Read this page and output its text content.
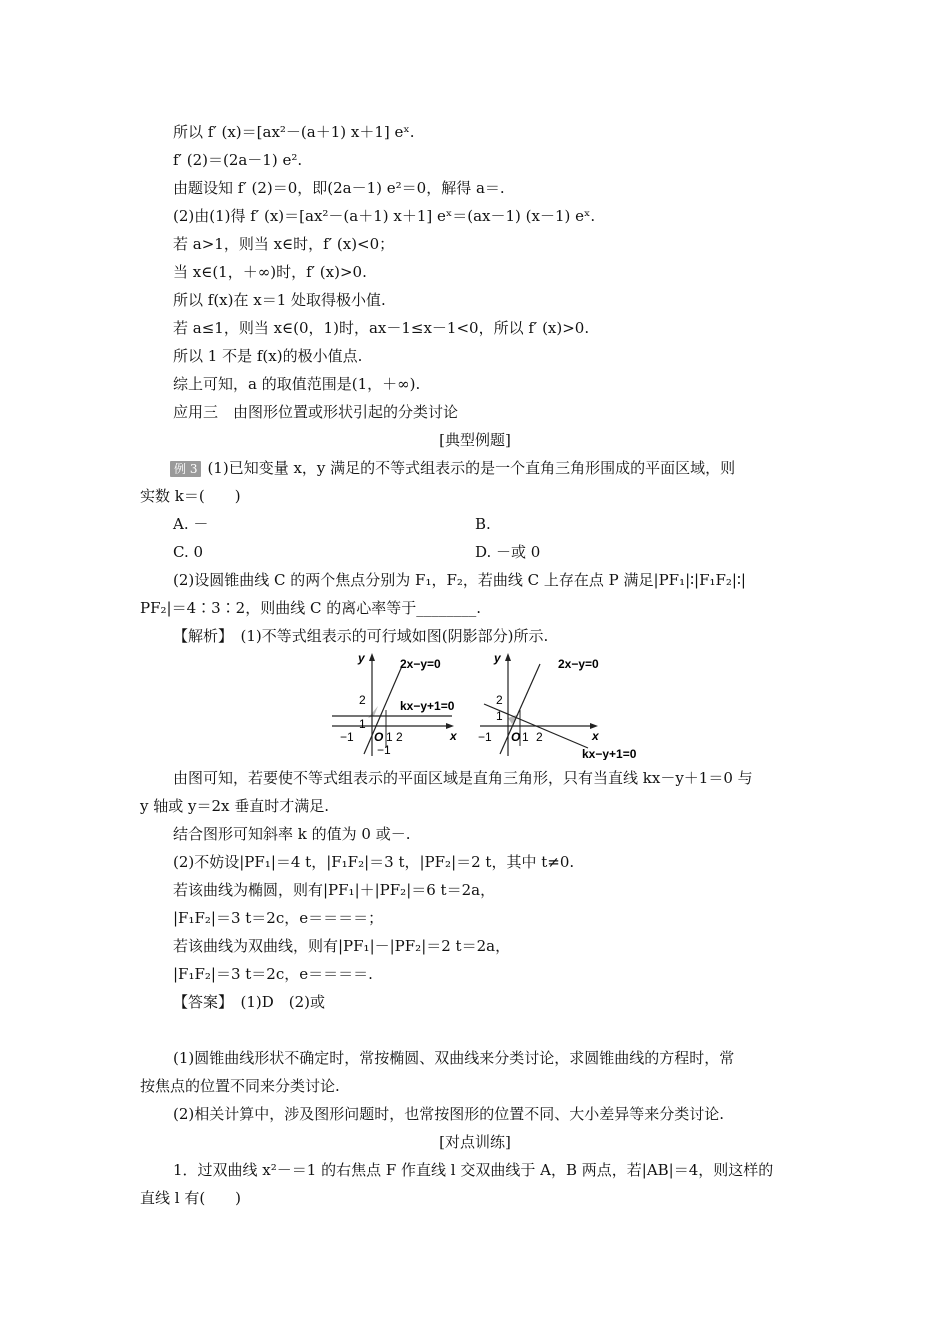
所以 f′ (x)＝[ax²－(a＋1) x＋1] eˣ.
f′ (2)＝(2a－1) e².
由题设知 f′ (2)＝0，即(2a－1) e²＝0，解得 a＝.
(2)由(1)得 f′ (x)＝[ax²－(a＋1) x＋1] eˣ＝(ax－1) (x－1) eˣ.
若 a>1，则当 x∈时，f′ (x)<0；
当 x∈(1，＋∞)时，f′ (x)>0.
所以 f(x)在 x＝1 处取得极小值.
若 a≤1，则当 x∈(0，1)时，ax－1≤x－1<0，所以 f′ (x)>0.
所以 1 不是 f(x)的极小值点.
综上可知，a 的取值范围是(1，＋∞).
应用三　由图形位置或形状引起的分类讨论
[典型例题]
例 3 (1)已知变量 x，y 满足的不等式组表示的是一个直角三角形围成的平面区域，则
实数 k＝(　　)
A. －	B.
C. 0	D. －或 0
(2)设圆锥曲线 C 的两个焦点分别为 F₁，F₂，若曲线 C 上存在点 P 满足|PF₁|∶|F₁F₂|∶|
PF₂|＝4∶3∶2，则曲线 C 的离心率等于________.
【解析】　(1)不等式组表示的可行域如图(阴影部分)所示.
y
x
2x−y=0
kx−y+1=0
2
1
−1 O 1 2
−1
y
x
2x−y=0
kx−y+1=0
2
1
−1 O 1 2
由图可知，若要使不等式组表示的平面区域是直角三角形，只有当直线 kx－y＋1＝0 与
y 轴或 y＝2x 垂直时才满足.
结合图形可知斜率 k 的值为 0 或－.
(2)不妨设|PF₁|＝4 t，|F₁F₂|＝3 t，|PF₂|＝2 t，其中 t≠0.
若该曲线为椭圆，则有|PF₁|＋|PF₂|＝6 t＝2a，
|F₁F₂|＝3 t＝2c，e＝＝＝＝；
若该曲线为双曲线，则有|PF₁|－|PF₂|＝2 t＝2a，
|F₁F₂|＝3 t＝2c，e＝＝＝＝.
【答案】　(1)D　(2)或
(1)圆锥曲线形状不确定时，常按椭圆、双曲线来分类讨论，求圆锥曲线的方程时，常
按焦点的位置不同来分类讨论.
(2)相关计算中，涉及图形问题时，也常按图形的位置不同、大小差异等来分类讨论.
[对点训练]
1．过双曲线 x²－＝1 的右焦点 F 作直线 l 交双曲线于 A，B 两点，若|AB|＝4，则这样的
直线 l 有(　　)
